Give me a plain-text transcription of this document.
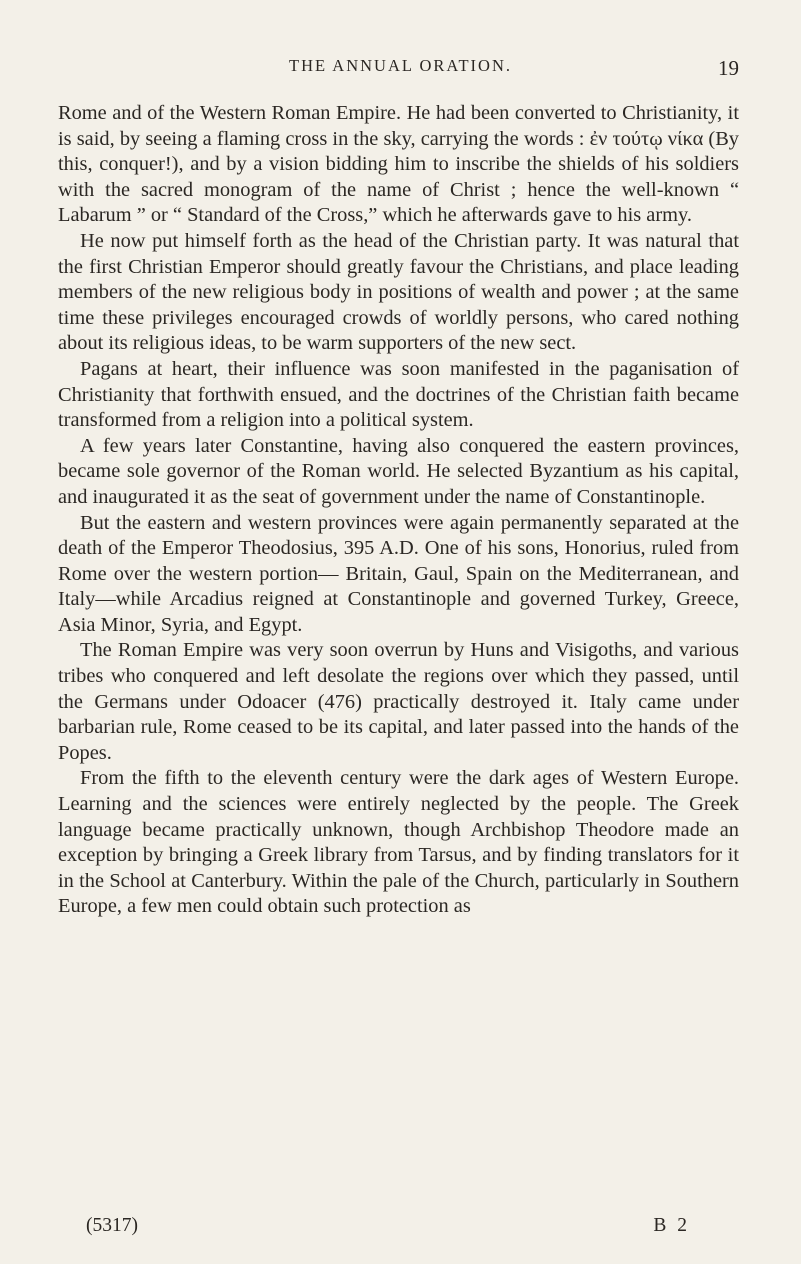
THE ANNUAL ORATION.	19

Rome and of the Western Roman Empire. He had been converted to Christianity, it is said, by seeing a flaming cross in the sky, carrying the words : ἐν τούτῳ νίκα (By this, conquer!), and by a vision bidding him to inscribe the shields of his soldiers with the sacred monogram of the name of Christ ; hence the well-known “ Labarum ” or “ Standard of the Cross,” which he afterwards gave to his army.

He now put himself forth as the head of the Christian party. It was natural that the first Christian Emperor should greatly favour the Christians, and place leading members of the new religious body in positions of wealth and power ; at the same time these privileges encouraged crowds of worldly persons, who cared nothing about its religious ideas, to be warm supporters of the new sect.

Pagans at heart, their influence was soon manifested in the paganisation of Christianity that forthwith ensued, and the doctrines of the Christian faith became transformed from a religion into a political system.

A few years later Constantine, having also conquered the eastern provinces, became sole governor of the Roman world. He selected Byzantium as his capital, and inaugurated it as the seat of government under the name of Constantinople.

But the eastern and western provinces were again permanently separated at the death of the Emperor Theodosius, 395 A.D. One of his sons, Honorius, ruled from Rome over the western portion— Britain, Gaul, Spain on the Mediterranean, and Italy—while Arcadius reigned at Constantinople and governed Turkey, Greece, Asia Minor, Syria, and Egypt.

The Roman Empire was very soon overrun by Huns and Visigoths, and various tribes who conquered and left desolate the regions over which they passed, until the Germans under Odoacer (476) practically destroyed it. Italy came under barbarian rule, Rome ceased to be its capital, and later passed into the hands of the Popes.

From the fifth to the eleventh century were the dark ages of Western Europe. Learning and the sciences were entirely neglected by the people. The Greek language became practically unknown, though Archbishop Theodore made an exception by bringing a Greek library from Tarsus, and by finding translators for it in the School at Canterbury. Within the pale of the Church, particularly in Southern Europe, a few men could obtain such protection as

(5317)	B 2
